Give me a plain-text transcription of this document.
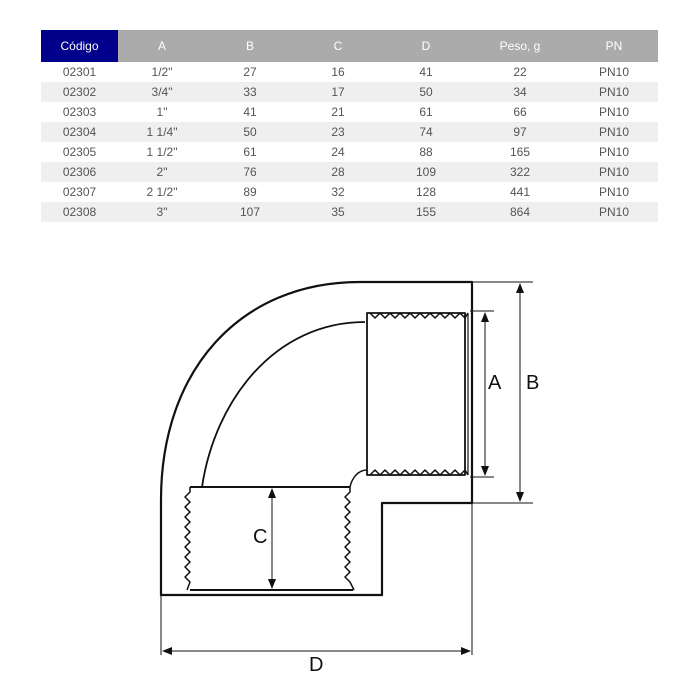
Código	A	B	C	D	Peso, g	PN
02301	1/2"	27	16	41	22	PN10
02302	3/4"	33	17	50	34	PN10
02303	1"	41	21	61	66	PN10
02304	1 1/4"	50	23	74	97	PN10
02305	1 1/2"	61	24	88	165	PN10
02306	2"	76	28	109	322	PN10
02307	2 1/2"	89	32	128	441	PN10
02308	3"	107	35	155	864	PN10
A B
C
D
